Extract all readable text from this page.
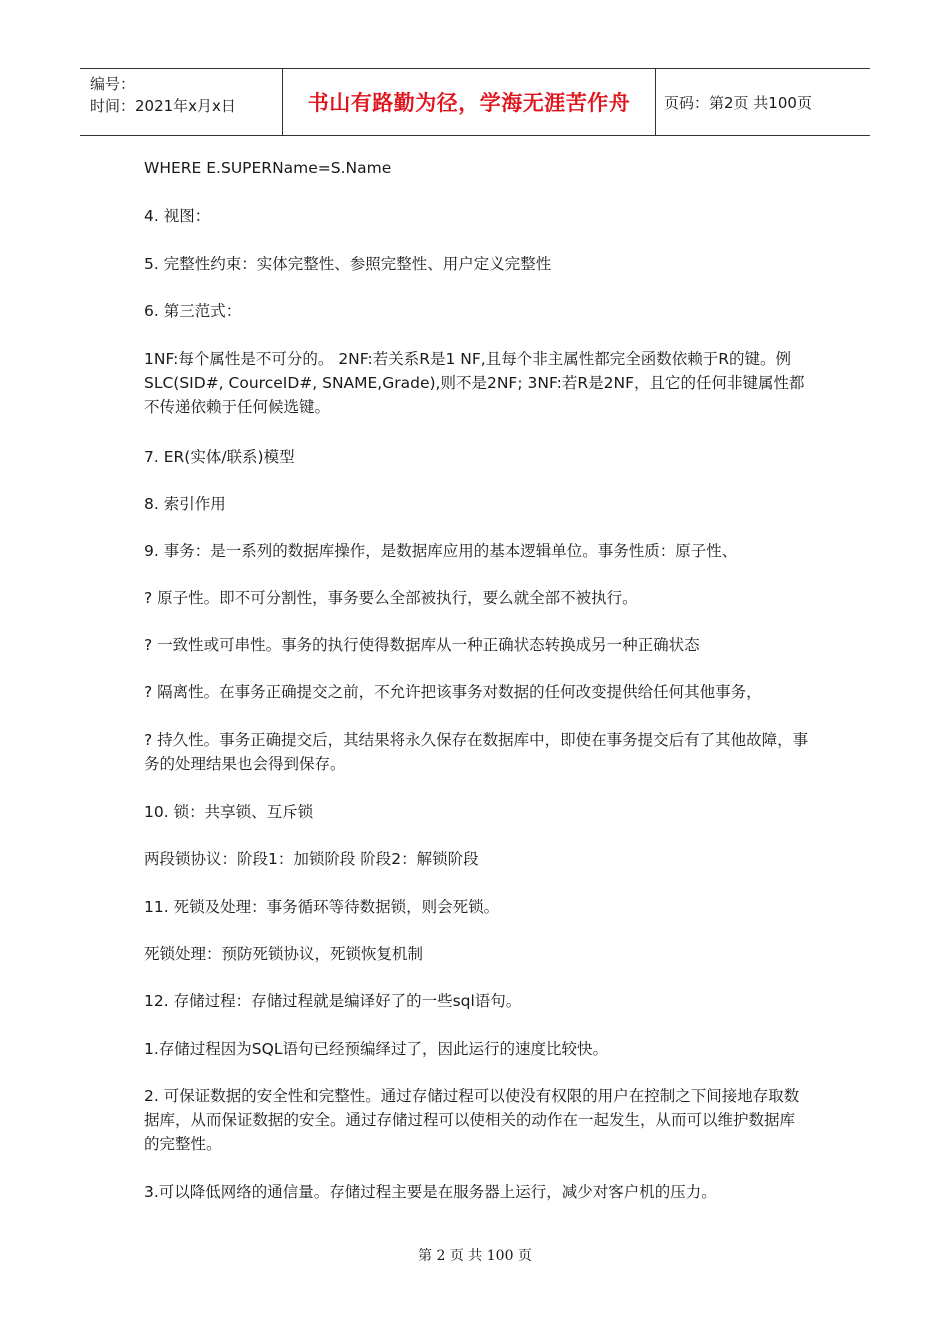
编号：
时间：2021年x月x日	书山有路勤为径，学海无涯苦作舟	页码：第2页 共100页

WHERE E.SUPERName=S.Name

4. 视图：

5. 完整性约束：实体完整性、参照完整性、用户定义完整性

6. 第三范式：

1NF:每个属性是不可分的。 2NF:若关系R是1 NF,且每个非主属性都完全函数依赖于R的键。例SLC(SID#, CourceID#, SNAME,Grade),则不是2NF; 3NF:若R是2NF，且它的任何非键属性都不传递依赖于任何候选键。

7. ER(实体/联系)模型

8. 索引作用

9. 事务：是一系列的数据库操作，是数据库应用的基本逻辑单位。事务性质：原子性、

? 原子性。即不可分割性，事务要么全部被执行，要么就全部不被执行。

? 一致性或可串性。事务的执行使得数据库从一种正确状态转换成另一种正确状态

? 隔离性。在事务正确提交之前，不允许把该事务对数据的任何改变提供给任何其他事务，

? 持久性。事务正确提交后，其结果将永久保存在数据库中，即使在事务提交后有了其他故障，事务的处理结果也会得到保存。

10. 锁：共享锁、互斥锁

两段锁协议：阶段1：加锁阶段 阶段2：解锁阶段

11. 死锁及处理：事务循环等待数据锁，则会死锁。

死锁处理：预防死锁协议，死锁恢复机制

12. 存储过程：存储过程就是编译好了的一些sql语句。

1.存储过程因为SQL语句已经预编绎过了，因此运行的速度比较快。

2. 可保证数据的安全性和完整性。通过存储过程可以使没有权限的用户在控制之下间接地存取数据库，从而保证数据的安全。通过存储过程可以使相关的动作在一起发生，从而可以维护数据库的完整性。

3.可以降低网络的通信量。存储过程主要是在服务器上运行，减少对客户机的压力。

第 2 页 共 100 页
